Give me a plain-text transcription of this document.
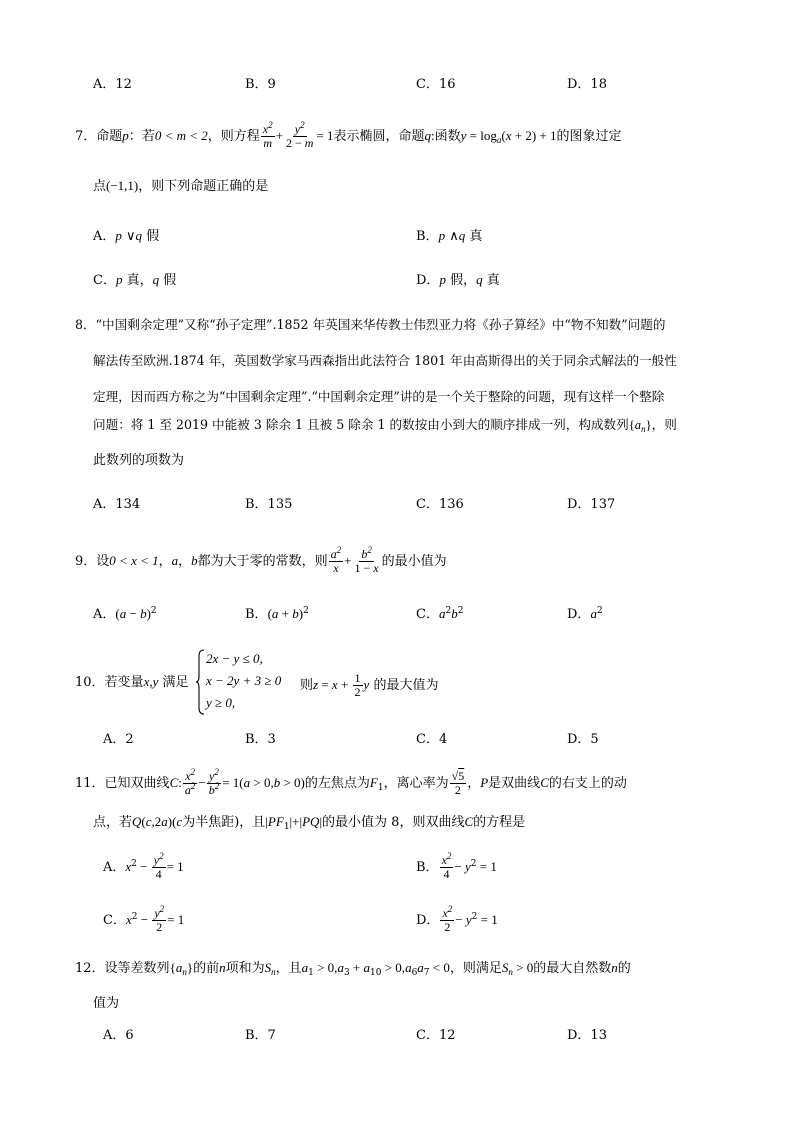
A．12	B．9	C．16	D．18
7．命题p：若0 < m < 2，则方程 $\frac{x^2}{m} + \frac{y^2}{2 - m} = 1$表示椭圆，命题q:函数$y = \log_a(x + 2) + 1$的图象过定
点(−1,1)，则下列命题正确的是
A．p ∨q 假	B．p ∧q 真
C．p 真，q 假	D．p 假，q 真
8．“中国剩余定理”又称“孙子定理”.1852 年英国来华传教士伟烈亚力将《孙子算经》中“物不知数”问题的
解法传至欧洲.1874 年，英国数学家马西森指出此法符合 1801 年由高斯得出的关于同余式解法的一般性
定理，因而西方称之为“中国剩余定理”.“中国剩余定理”讲的是一个关于整除的问题，现有这样一个整除
问题：将 1 至 2019 中能被 3 除余 1 且被 5 除余 1 的数按由小到大的顺序排成一列，构成数列$\{a_n\}$，则
此数列的项数为
A．134	B．135	C．136	D．137
9．设0 < x < 1，a，b都为大于零的常数，则 $\frac{a^2}{x} + \frac{b^2}{1 - x}$ 的最小值为
A．$(a - b)^2$	B．$(a + b)^2$	C．$a^2b^2$	D．$a^2$
10．若变量x,y 满足
2x − y ≤ 0,
x − 2y + 3 ≥ 0
y ≥ 0,
则$z = x + \frac{1}{2}$ y 的最大值为
A．2	B．3	C．4	D．5
11．已知双曲线C: $\frac{x^2}{a^2} - \frac{y^2}{b^2} = 1(a > 0,b > 0)$的左焦点为$F_1$，离心率为 $\frac{√5}{2}$ ，P是双曲线C的右支上的动
点，若Q(c,2a)(c为半焦距)，且$|PF_1|+|PQ|$的最小值为 8，则双曲线C的方程是
A．$x^2 - \frac{y^2}{4} = 1$	B． $\frac{x^2}{4} - y^2 = 1$
C．$x^2 - \frac{y^2}{2} = 1$	D． $\frac{x^2}{2} - y^2 = 1$
12．设等差数列$\{a_n\}$的前n项和为$S_n$，且$a_1 > 0,a_3 + a_{10} > 0,a_6a_7 < 0$，则满足$S_n > 0$的最大自然数n的
值为
A．6	B．7	C．12	D．13
